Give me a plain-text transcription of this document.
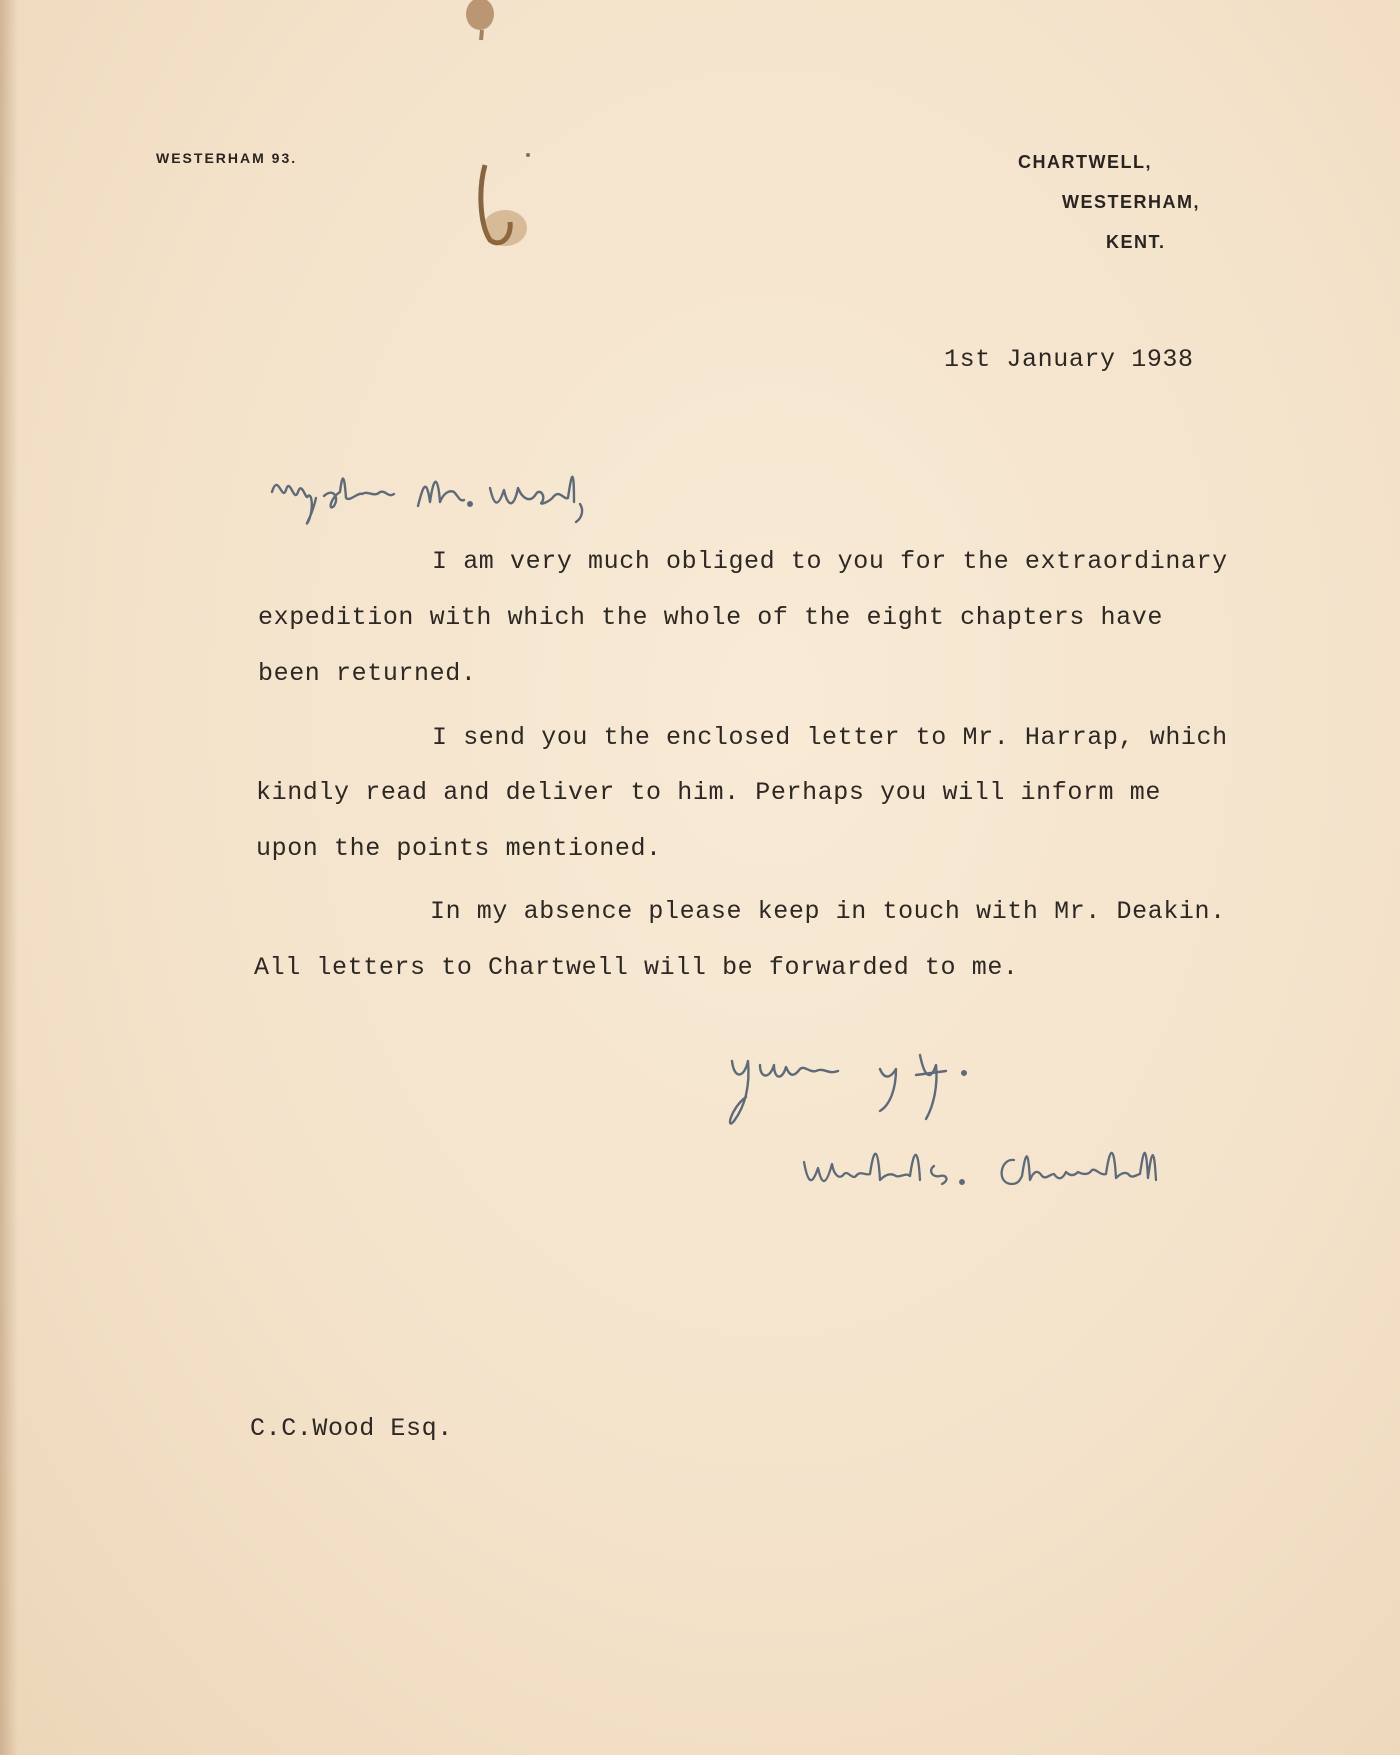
WESTERHAM 93.	CHARTWELL,
WESTERHAM,
KENT.
1st January 1938
I am very much obliged to you for the extraordinary
expedition with which the whole of the eight chapters have
been returned.
I send you the enclosed letter to Mr. Harrap, which
kindly read and deliver to him. Perhaps you will inform me
upon the points mentioned.
In my absence please keep in touch with Mr. Deakin.
All letters to Chartwell will be forwarded to me.
C.C.Wood Esq.
